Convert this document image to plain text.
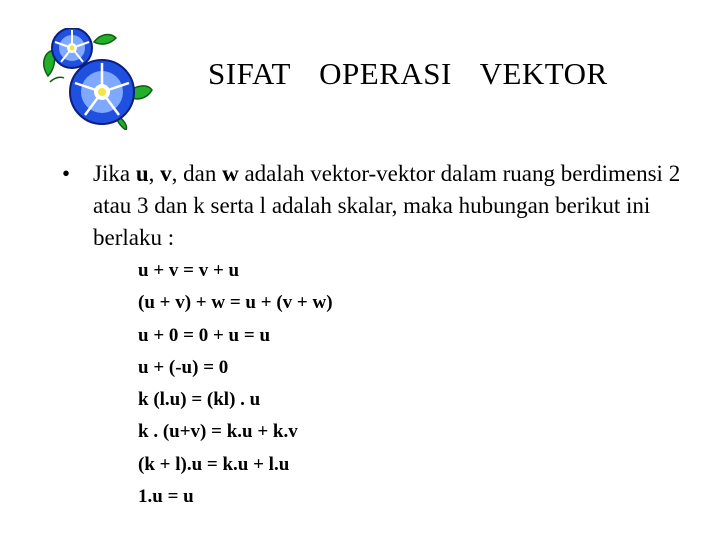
SIFAT OPERASI VEKTOR
• Jika u, v, dan w adalah vektor-vektor dalam ruang berdimensi 2 atau 3 dan k serta l adalah skalar, maka hubungan berikut ini berlaku :
u + v = v + u
(u + v) + w = u + (v + w)
u + 0 = 0 + u = u
u + (-u) = 0
k (l.u) = (kl) . u
k . (u+v) = k.u + k.v
(k + l).u = k.u + l.u
1.u = u
